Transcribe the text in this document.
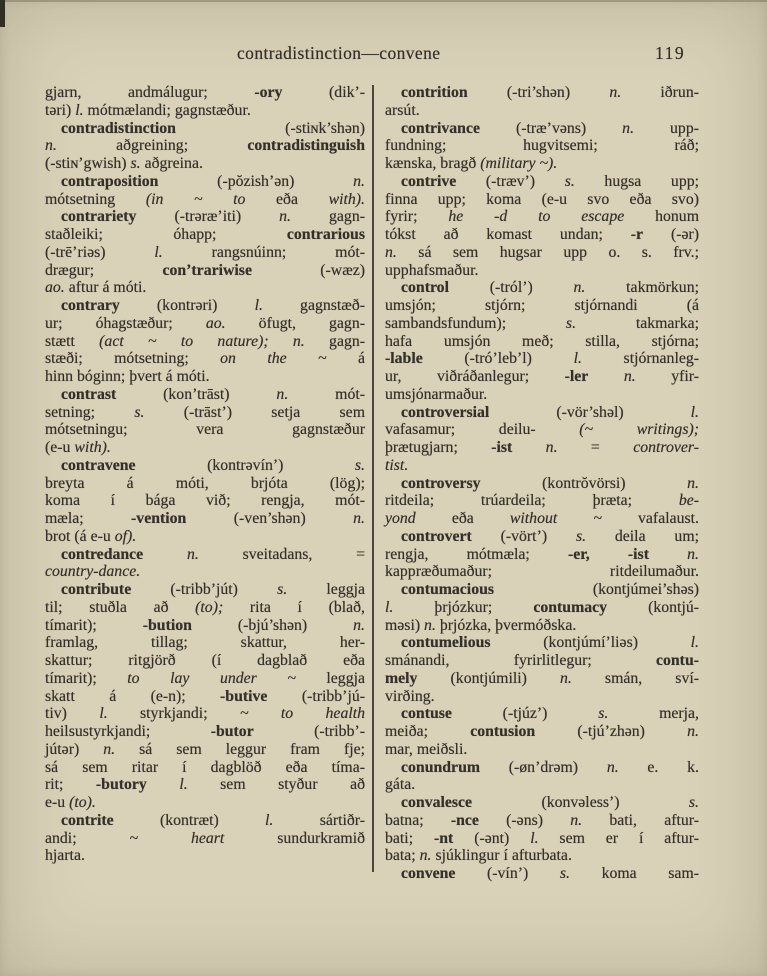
contradistinction—convene	119
gjarn, andmálugur; -ory (dik’-
təri) l. mótmælandi; gagnstæður.
contradistinction (-stiɴk’shən)
n. aðgreining; contradistinguish
(-stiɴ’gwish) s. aðgreina.
contraposition (-pŏzish’ən) n.
mótsetning (in ~ to eða with).
contrariety (-trəræ’iti) n. gagn-
staðleiki; óhapp; contrarious
(-trē’riəs) l. rangsnúinn; mót-
drægur; con’trariwise (-wæz)
ao. aftur á móti.
contrary (kontrəri) l. gagnstæð-
ur; óhagstæður; ao. öfugt, gagn-
stætt (act ~ to nature); n. gagn-
stæði; mótsetning; on the ~ á
hinn bóginn; þvert á móti.
contrast (kon’trāst) n. mót-
setning; s. (-trāst’) setja sem
mótsetningu; vera gagnstæður
(e-u with).
contravene (kontrəvín’) s.
breyta á móti, brjóta (lög);
koma í bága við; rengja, mót-
mæla; -vention (-ven’shən) n.
brot (á e-u of).
contredance	n. sveitadans, =
country-dance.
contribute (-tribb’jút) s. leggja
til; stuðla að (to); rita í (blað,
tímarit); -bution (-bjú’shən) n.
framlag, tillag; skattur, her-
skattur; ritgjörð (í dagblað eða
tímarit); to lay under ~ leggja
skatt á (e-n); -butive (-tribb’jú-
tiv) l. styrkjandi; ~ to health
heilsustyrkjandi; -butor (-tribb’-
jútər) n. sá sem leggur fram fje;
sá sem ritar í dagblöð eða tíma-
rit; -butory l. sem styður að
e-u (to).
contrite (kontræt) l. sártiðr-
andi; ~ heart sundurkramið
hjarta.
contrition (-tri’shən) n. iðrun-
arsút.
contrivance (-træ’vəns) n. upp-
fundning; hugvitsemi; ráð;
kænska, bragð (military ~).
contrive (-træv’) s. hugsa upp;
finna upp; koma (e-u svo eða svo)
fyrir; he -d to escape honum
tókst að komast undan; -r (-ər)
n. sá sem hugsar upp o. s. frv.;
upphafsmaður.
control (-tról’) n. takmörkun;
umsjón; stjórn; stjórnandi (á
sambandsfundum); s. takmarka;
hafa umsjón með; stilla, stjórna;
-lable (-tró’leb’l) l. stjórnanleg-
ur, viðráðanlegur; -ler n. yfir-
umsjónarmaður.
controversial (-vör’shəl) l.
vafasamur; deilu- (~ writings);
þrætugjarn; -ist n. = controver-
tist.
controversy (kontrŏvörsi) n.
ritdeila; trúardeila; þræta; be-
yond eða without ~ vafalaust.
controvert (-vört’) s. deila um;
rengja, mótmæla; -er, -ist n.
kappræðumaður; ritdeilumaður.
contumacious (kontjúmei’shəs)
l. þrjózkur; contumacy (kontjú-
məsi) n. þrjózka, þvermóðska.
contumelious (kontjúmí’liəs) l.
smánandi, fyrirlitlegur; contu-
mely (kontjúmili) n. smán, sví-
virðing.
contuse (-tjúz’) s. merja,
meiða; contusion (-tjú’zhən) n.
mar, meiðsli.
conundrum (-øn’drəm) n. e. k.
gáta.
convalesce (konvəless’) s.
batna; -nce (-əns) n. bati, aftur-
bati; -nt (-ənt) l. sem er í aftur-
bata; n. sjúklingur í afturbata.
convene (-vín’) s. koma sam-
